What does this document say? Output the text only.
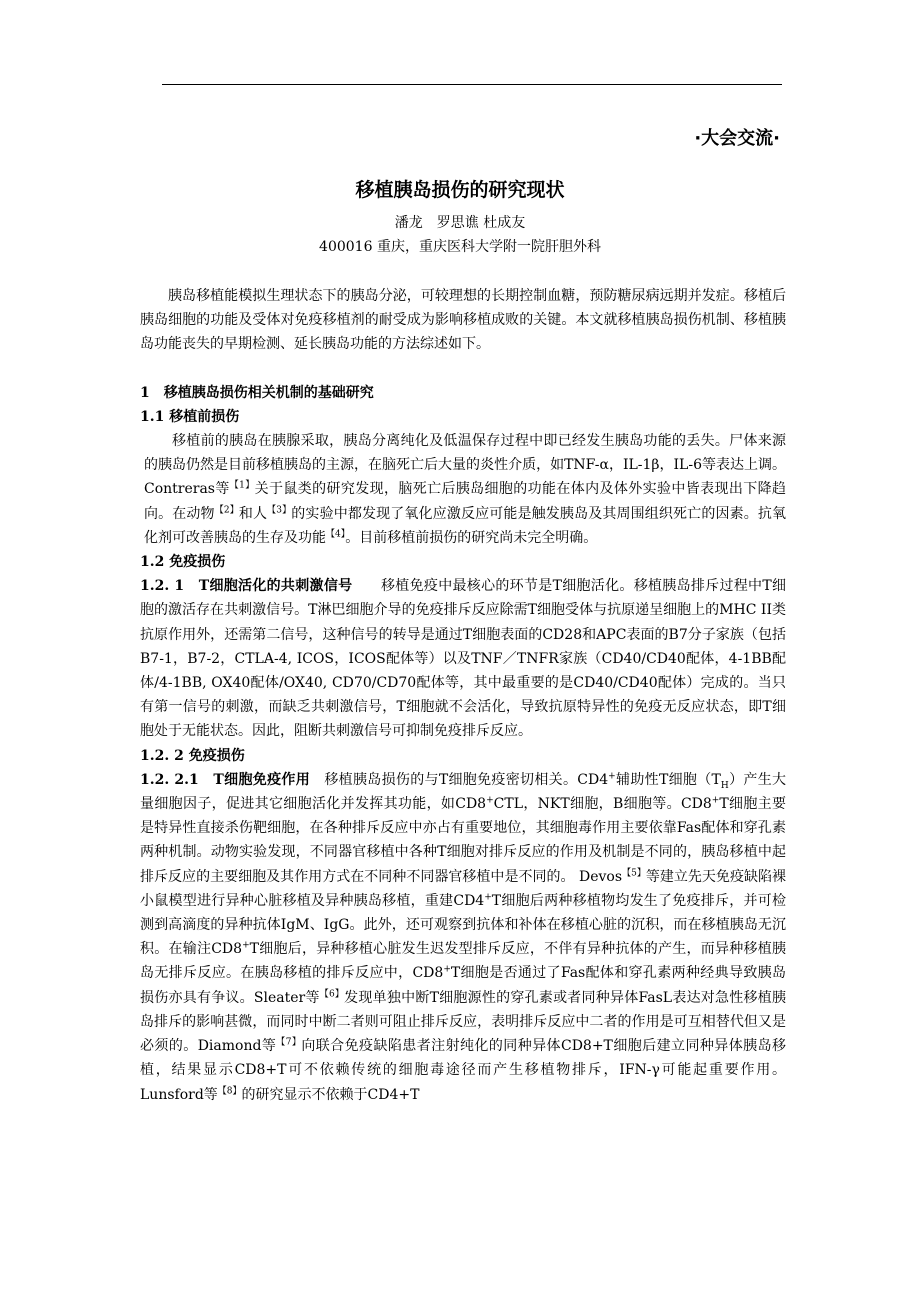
·大会交流·
移植胰岛损伤的研究现状
潘龙　罗思谯 杜成友
400016 重庆，重庆医科大学附一院肝胆外科

胰岛移植能模拟生理状态下的胰岛分泌，可较理想的长期控制血糖，预防糖尿病远期并发症。移植后胰岛细胞的功能及受体对免疫移植剂的耐受成为影响移植成败的关键。本文就移植胰岛损伤机制、移植胰岛功能丧失的早期检测、延长胰岛功能的方法综述如下。

1　移植胰岛损伤相关机制的基础研究

1.1 移植前损伤

移植前的胰岛在胰腺采取，胰岛分离纯化及低温保存过程中即已经发生胰岛功能的丢失。尸体来源的胰岛仍然是目前移植胰岛的主源，在脑死亡后大量的炎性介质，如TNF-α，IL-1β，IL-6等表达上调。Contreras等$^{【1】}$关于鼠类的研究发现，脑死亡后胰岛细胞的功能在体内及体外实验中皆表现出下降趋向。在动物$^{【2】}$和人$^{【3】}$的实验中都发现了氧化应激反应可能是触发胰岛及其周围组织死亡的因素。抗氧化剂可改善胰岛的生存及功能$^{【4】}$。目前移植前损伤的研究尚未完全明确。

1.2 免疫损伤

1.2. 1　T细胞活化的共刺激信号　　 移植免疫中最核心的环节是T细胞活化。移植胰岛排斥过程中T细胞的激活存在共刺激信号。T淋巴细胞介导的免疫排斥反应除需T细胞受体与抗原递呈细胞上的MHC II类抗原作用外，还需第二信号，这种信号的转导是通过T细胞表面的CD28和APC表面的B7分子家族（包括B7-1，B7-2，CTLA-4, ICOS，ICOS配体等）以及TNF／TNFR家族（CD40/CD40配体，4-1BB配体/4-1BB, OX40配体/OX40, CD70/CD70配体等，其中最重要的是CD40/CD40配体）完成的。当只有第一信号的刺激，而缺乏共刺激信号，T细胞就不会活化，导致抗原特异性的免疫无反应状态，即T细胞处于无能状态。因此，阻断共刺激信号可抑制免疫排斥反应。

1.2. 2 免疫损伤

1.2. 2.1　T细胞免疫作用　 移植胰岛损伤的与T细胞免疫密切相关。CD4+辅助性T细胞$(T_H)$产生大量细胞因子，促进其它细胞活化并发挥其功能，如CD8+CTL，NKT细胞，B细胞等。CD8+T细胞主要是特异性直接杀伤靶细胞，在各种排斥反应中亦占有重要地位，其细胞毒作用主要依靠Fas配体和穿孔素两种机制。动物实验发现，不同器官移植中各种T细胞对排斥反应的作用及机制是不同的，胰岛移植中起排斥反应的主要细胞及其作用方式在不同种不同器官移植中是不同的。 Devos$^{【5】}$等建立先天免疫缺陷裸小鼠模型进行异种心脏移植及异种胰岛移植，重建CD4+T细胞后两种移植物均发生了免疫排斥，并可检测到高滴度的异种抗体IgM、IgG。此外，还可观察到抗体和补体在移植心脏的沉积，而在移植胰岛无沉积。在输注CD8+T细胞后，异种移植心脏发生迟发型排斥反应，不伴有异种抗体的产生，而异种移植胰岛无排斥反应。在胰岛移植的排斥反应中，CD8+T细胞是否通过了Fas配体和穿孔素两种经典导致胰岛损伤亦具有争议。Sleater等$^{【6】}$发现单独中断T细胞源性的穿孔素或者同种异体FasL表达对急性移植胰岛排斥的影响甚微，而同时中断二者则可阻止排斥反应，表明排斥反应中二者的作用是可互相替代但又是必须的。Diamond等$^{【7】}$向联合免疫缺陷患者注射纯化的同种异体CD8+T细胞后建立同种异体胰岛移植，结果显示CD8+T可不依赖传统的细胞毒途径而产生移植物排斥，IFN-γ可能起重要作用。Lunsford等$^{【8】}$的研究显示不依赖于CD4+T
